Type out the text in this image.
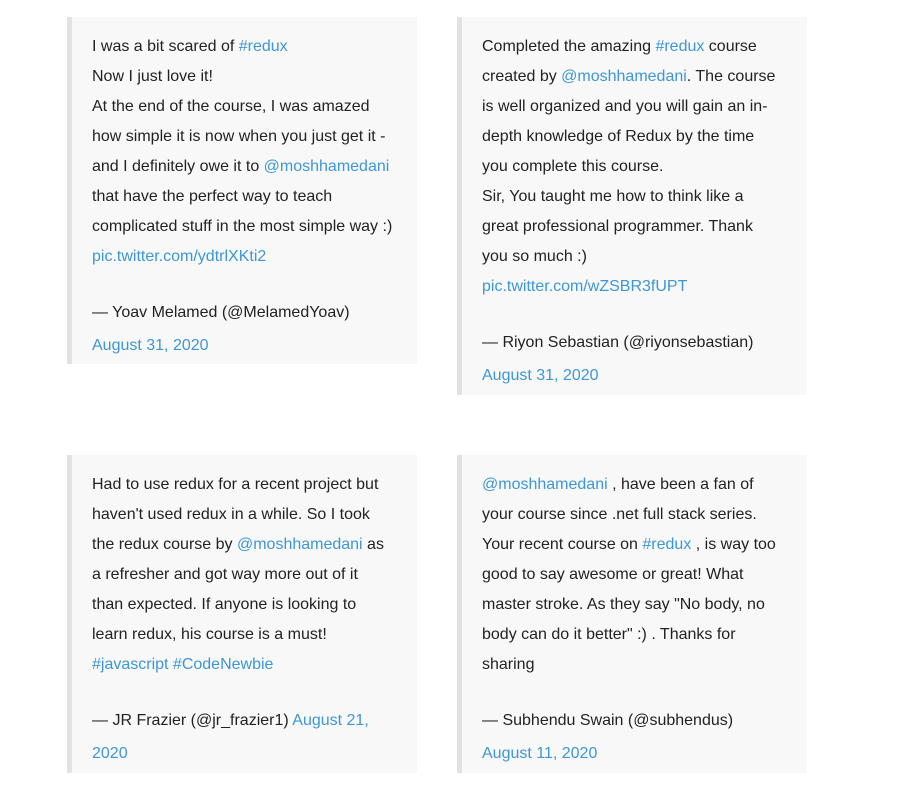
I was a bit scared of #redux
Now I just love it!
At the end of the course, I was amazed
how simple it is now when you just get it -
and I definitely owe it to @moshhamedani
that have the perfect way to teach
complicated stuff in the most simple way :)
pic.twitter.com/ydtrlXKti2

— Yoav Melamed (@MelamedYoav)
August 31, 2020

Completed the amazing #redux course
created by @moshhamedani. The course
is well organized and you will gain an in-
depth knowledge of Redux by the time
you complete this course.
Sir, You taught me how to think like a
great professional programmer. Thank
you so much :)
pic.twitter.com/wZSBR3fUPT

— Riyon Sebastian (@riyonsebastian)
August 31, 2020

Had to use redux for a recent project but
haven't used redux in a while. So I took
the redux course by @moshhamedani as
a refresher and got way more out of it
than expected. If anyone is looking to
learn redux, his course is a must!
#javascript #CodeNewbie

— JR Frazier (@jr_frazier1) August 21,
2020

@moshhamedani , have been a fan of
your course since .net full stack series.
Your recent course on #redux , is way too
good to say awesome or great! What
master stroke. As they say "No body, no
body can do it better" :) . Thanks for
sharing

— Subhendu Swain (@subhendus)
August 11, 2020
